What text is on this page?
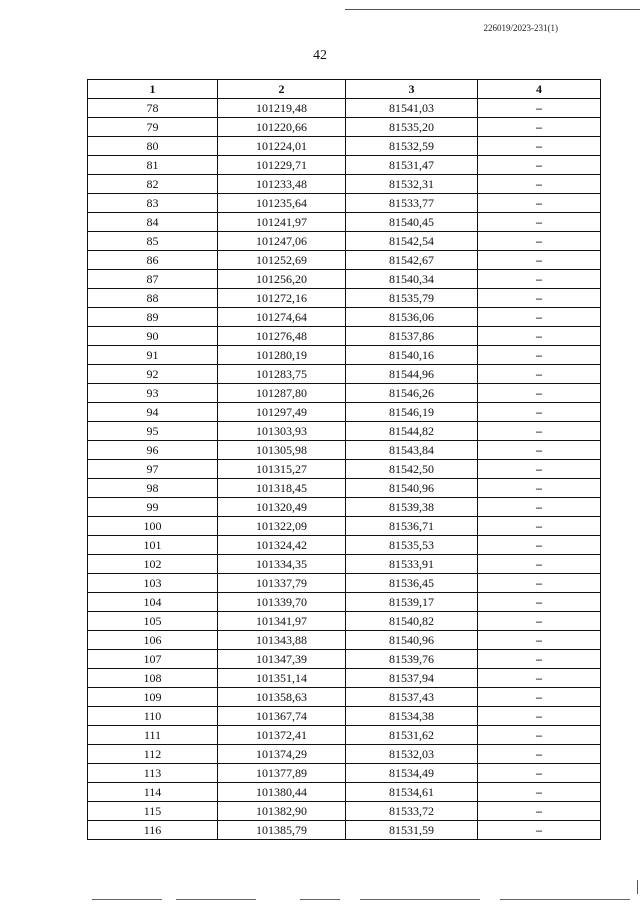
226019/2023-231(1)
42
1	2	3	4
78	101219,48	81541,03	–
79	101220,66	81535,20	–
80	101224,01	81532,59	–
81	101229,71	81531,47	–
82	101233,48	81532,31	–
83	101235,64	81533,77	–
84	101241,97	81540,45	–
85	101247,06	81542,54	–
86	101252,69	81542,67	–
87	101256,20	81540,34	–
88	101272,16	81535,79	–
89	101274,64	81536,06	–
90	101276,48	81537,86	–
91	101280,19	81540,16	–
92	101283,75	81544,96	–
93	101287,80	81546,26	–
94	101297,49	81546,19	–
95	101303,93	81544,82	–
96	101305,98	81543,84	–
97	101315,27	81542,50	–
98	101318,45	81540,96	–
99	101320,49	81539,38	–
100	101322,09	81536,71	–
101	101324,42	81535,53	–
102	101334,35	81533,91	–
103	101337,79	81536,45	–
104	101339,70	81539,17	–
105	101341,97	81540,82	–
106	101343,88	81540,96	–
107	101347,39	81539,76	–
108	101351,14	81537,94	–
109	101358,63	81537,43	–
110	101367,74	81534,38	–
111	101372,41	81531,62	–
112	101374,29	81532,03	–
113	101377,89	81534,49	–
114	101380,44	81534,61	–
115	101382,90	81533,72	–
116	101385,79	81531,59	–
